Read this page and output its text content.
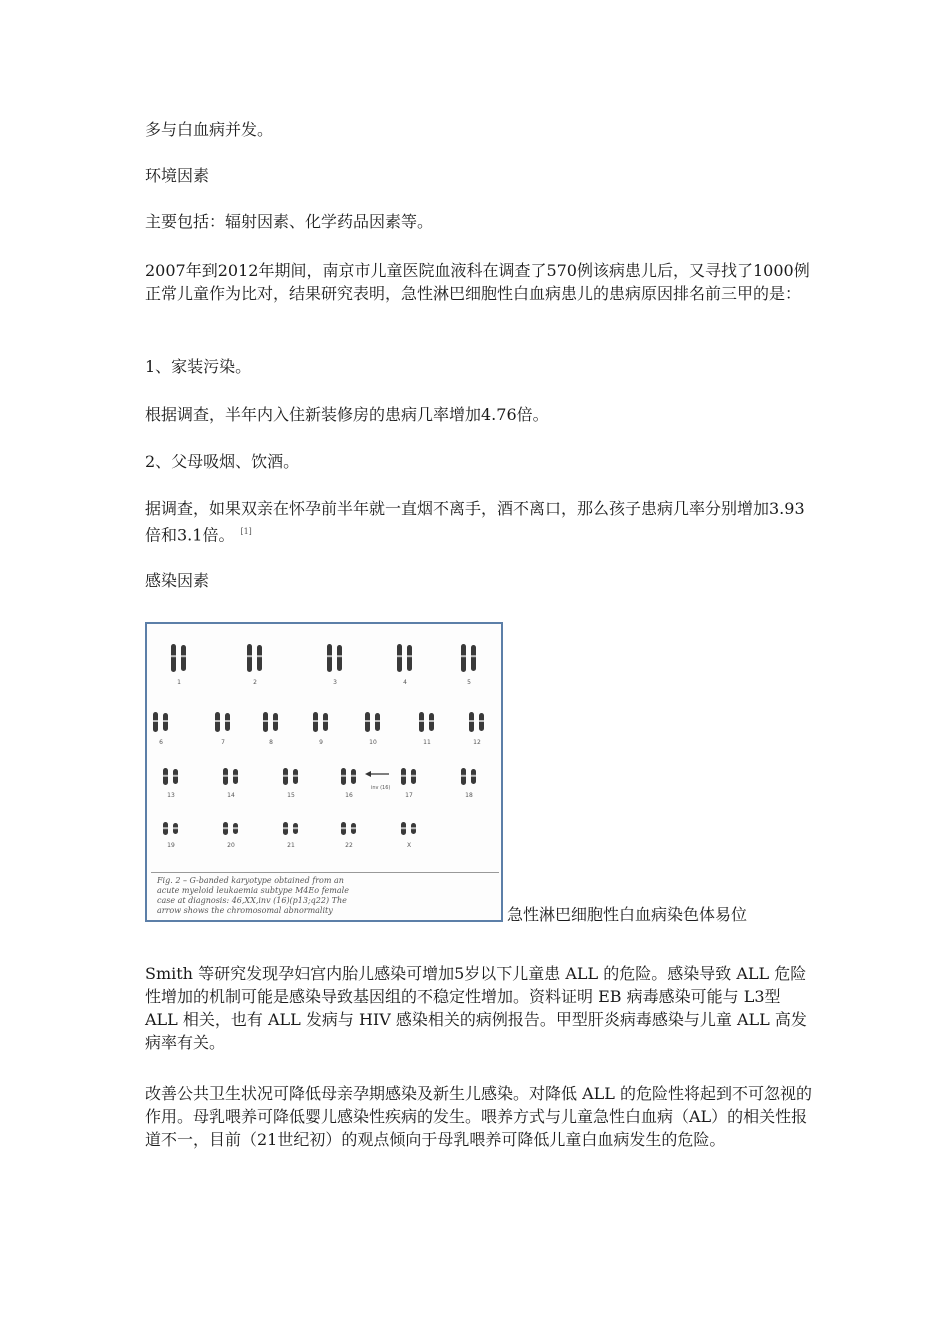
多与白血病并发。

环境因素

主要包括：辐射因素、化学药品因素等。

2007年到2012年期间，南京市儿童医院血液科在调查了570例该病患儿后，又寻找了1000例正常儿童作为比对，结果研究表明，急性淋巴细胞性白血病患儿的患病原因排名前三甲的是：

1、家装污染。

根据调查，半年内入住新装修房的患病几率增加4.76倍。

2、父母吸烟、饮酒。

据调查，如果双亲在怀孕前半年就一直烟不离手，酒不离口，那么孩子患病几率分别增加3.93倍和3.1倍。 [1]

感染因素

1	2	3	4	5
6	7	8	9	10	11	12
13	14	15	16	17	18
19	20	21	22	X
inv (16)
Fig. 2 – G-banded karyotype obtained from an
acute myeloid leukaemia subtype M4Eo female
case at diagnosis: 46,XX,inv (16)(p13;q22) The
arrow shows the chromosomal abnormality	急性淋巴细胞性白血病染色体易位

Smith 等研究发现孕妇宫内胎儿感染可增加5岁以下儿童患 ALL 的危险。感染导致 ALL 危险性增加的机制可能是感染导致基因组的不稳定性增加。资料证明 EB 病毒感染可能与 L3型 ALL 相关，也有 ALL 发病与 HIV 感染相关的病例报告。甲型肝炎病毒感染与儿童 ALL 高发病率有关。

改善公共卫生状况可降低母亲孕期感染及新生儿感染。对降低 ALL 的危险性将起到不可忽视的作用。母乳喂养可降低婴儿感染性疾病的发生。喂养方式与儿童急性白血病（AL）的相关性报道不一，目前（21世纪初）的观点倾向于母乳喂养可降低儿童白血病发生的危险。
